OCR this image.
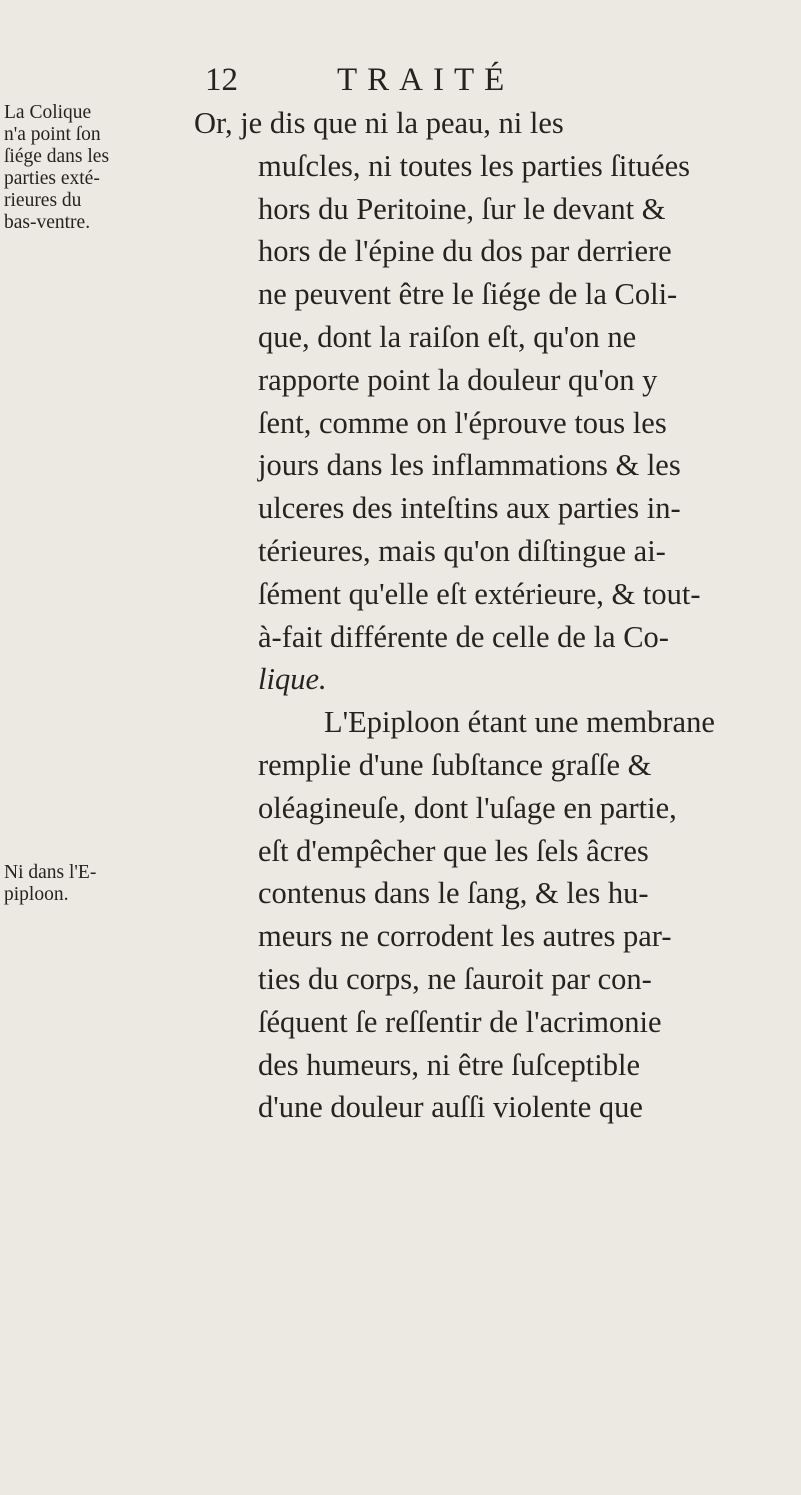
12	TRAITÉ
La Colique
n'a point ſon
ſiége dans les
parties exté-
rieures du
bas-ventre.
Ni dans l'E-
piploon.
Or, je dis que ni la peau, ni les
muſcles, ni toutes les parties ſituées
hors du Peritoine, ſur le devant &
hors de l'épine du dos par derriere
ne peuvent être le ſiége de la Coli-
que, dont la raiſon eſt, qu'on ne
rapporte point la douleur qu'on y
ſent, comme on l'éprouve tous les
jours dans les inflammations & les
ulceres des inteſtins aux parties in-
térieures, mais qu'on diſtingue ai-
ſément qu'elle eſt extérieure, & tout-
à-fait différente de celle de la Co-
lique.
L'Epiploon étant une membrane
remplie d'une ſubſtance graſſe &
oléagineuſe, dont l'uſage en partie,
eſt d'empêcher que les ſels âcres
contenus dans le ſang, & les hu-
meurs ne corrodent les autres par-
ties du corps, ne ſauroit par con-
ſéquent ſe reſſentir de l'acrimonie
des humeurs, ni être ſuſceptible
d'une douleur auſſi violente que
